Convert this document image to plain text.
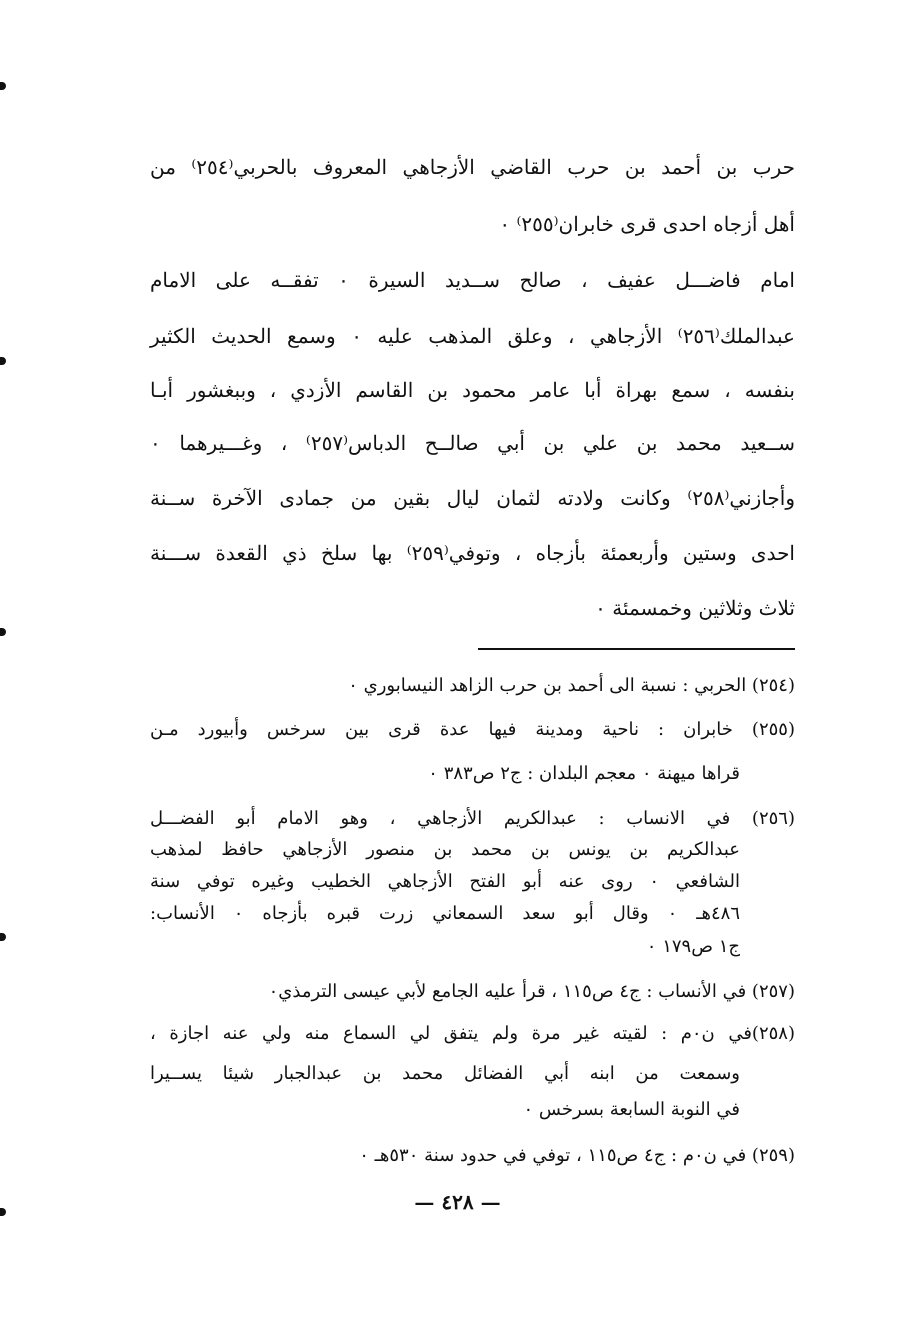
حرب بن أحمد بن حرب القاضي الأزجاهي المعروف بالحربي⁽٢٥٤⁾ من
أهل أزجاه احدى قرى خابران⁽٢٥٥⁾ ٠
امام فاضـــل عفيف ، صالح ســديد السيرة ٠ تفقــه على الامام
عبدالملك⁽٢٥٦⁾ الأزجاهي ، وعلق المذهب عليه ٠ وسمع الحديث الكثير
بنفسه ، سمع بهراة أبا عامر محمود بن القاسم الأزدي ، وببغشور أبـا
ســعيد محمد بن علي بن أبي صالــح الدباس⁽٢٥٧⁾ ، وغـــيرهما ٠
وأجازني⁽٢٥٨⁾ وكانت ولادته لثمان ليال بقين من جمادى الآخرة ســنة
احدى وستين وأربعمئة بأزجاه ، وتوفي⁽٢٥٩⁾ بها سلخ ذي القعدة ســـنة
ثلاث وثلاثين وخمسمئة ٠
(٢٥٤) الحربي : نسبة الى أحمد بن حرب الزاهد النيسابوري ٠
(٢٥٥) خابران : ناحية ومدينة فيها عدة قرى بين سرخس وأبيورد مـن
قراها ميهنة ٠ معجم البلدان : ج٢ ص٣٨٣ ٠
(٢٥٦) في الانساب : عبدالكريم الأزجاهي ، وهو الامام أبو الفضـــل
عبدالكريم بن يونس بن محمد بن منصور الأزجاهي حافظ لمذهب
الشافعي ٠ روى عنه أبو الفتح الأزجاهي الخطيب وغيره توفي سنة
٤٨٦هـ ٠ وقال أبو سعد السمعاني زرت قبره بأزجاه ٠ الأنساب:
ج١ ص١٧٩ ٠
(٢٥٧) في الأنساب : ج٤ ص١١٥ ، قرأ عليه الجامع لأبي عيسى الترمذي٠
(٢٥٨)في ن٠م : لقيته غير مرة ولم يتفق لي السماع منه ولي عنه اجازة ،
وسمعت من ابنه أبي الفضائل محمد بن عبدالجبار شيئا يســيرا
في النوبة السابعة بسرخس ٠
(٢٥٩) في ن٠م : ج٤ ص١١٥ ، توفي في حدود سنة ٥٣٠هـ ٠
— ٤٢٨ —
